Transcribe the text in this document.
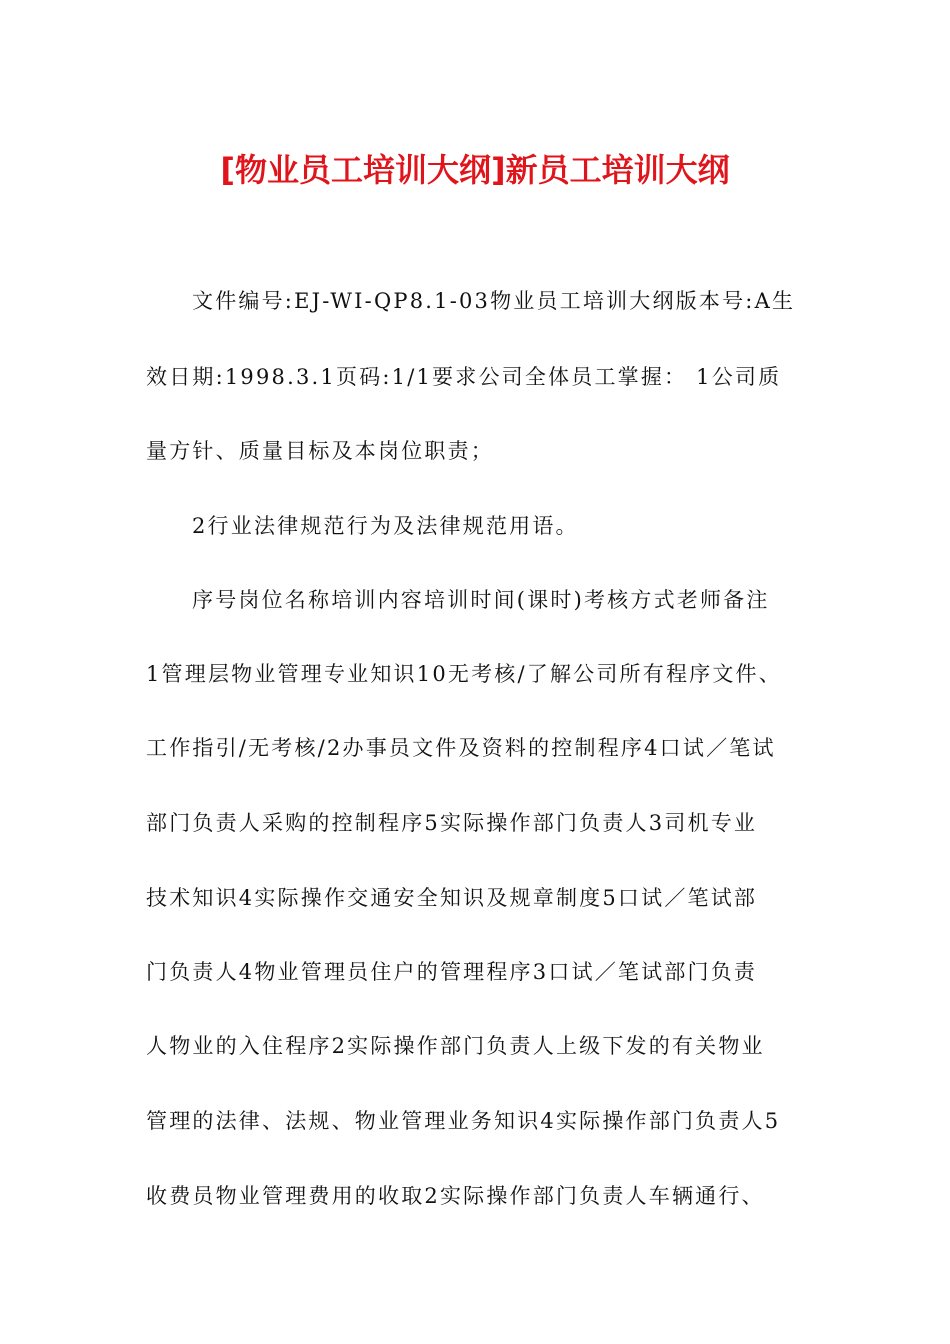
[物业员工培训大纲]新员工培训大纲
文件编号:EJ-WI-QP8.1-03物业员工培训大纲版本号:A生
效日期:1998.3.1页码:1/1要求公司全体员工掌握： 1公司质
量方针、质量目标及本岗位职责；
2行业法律规范行为及法律规范用语。
序号岗位名称培训内容培训时间(课时)考核方式老师备注
1管理层物业管理专业知识10无考核/了解公司所有程序文件、
工作指引/无考核/2办事员文件及资料的控制程序4口试／笔试
部门负责人采购的控制程序5实际操作部门负责人3司机专业
技术知识4实际操作交通安全知识及规章制度5口试／笔试部
门负责人4物业管理员住户的管理程序3口试／笔试部门负责
人物业的入住程序2实际操作部门负责人上级下发的有关物业
管理的法律、法规、物业管理业务知识4实际操作部门负责人5
收费员物业管理费用的收取2实际操作部门负责人车辆通行、
